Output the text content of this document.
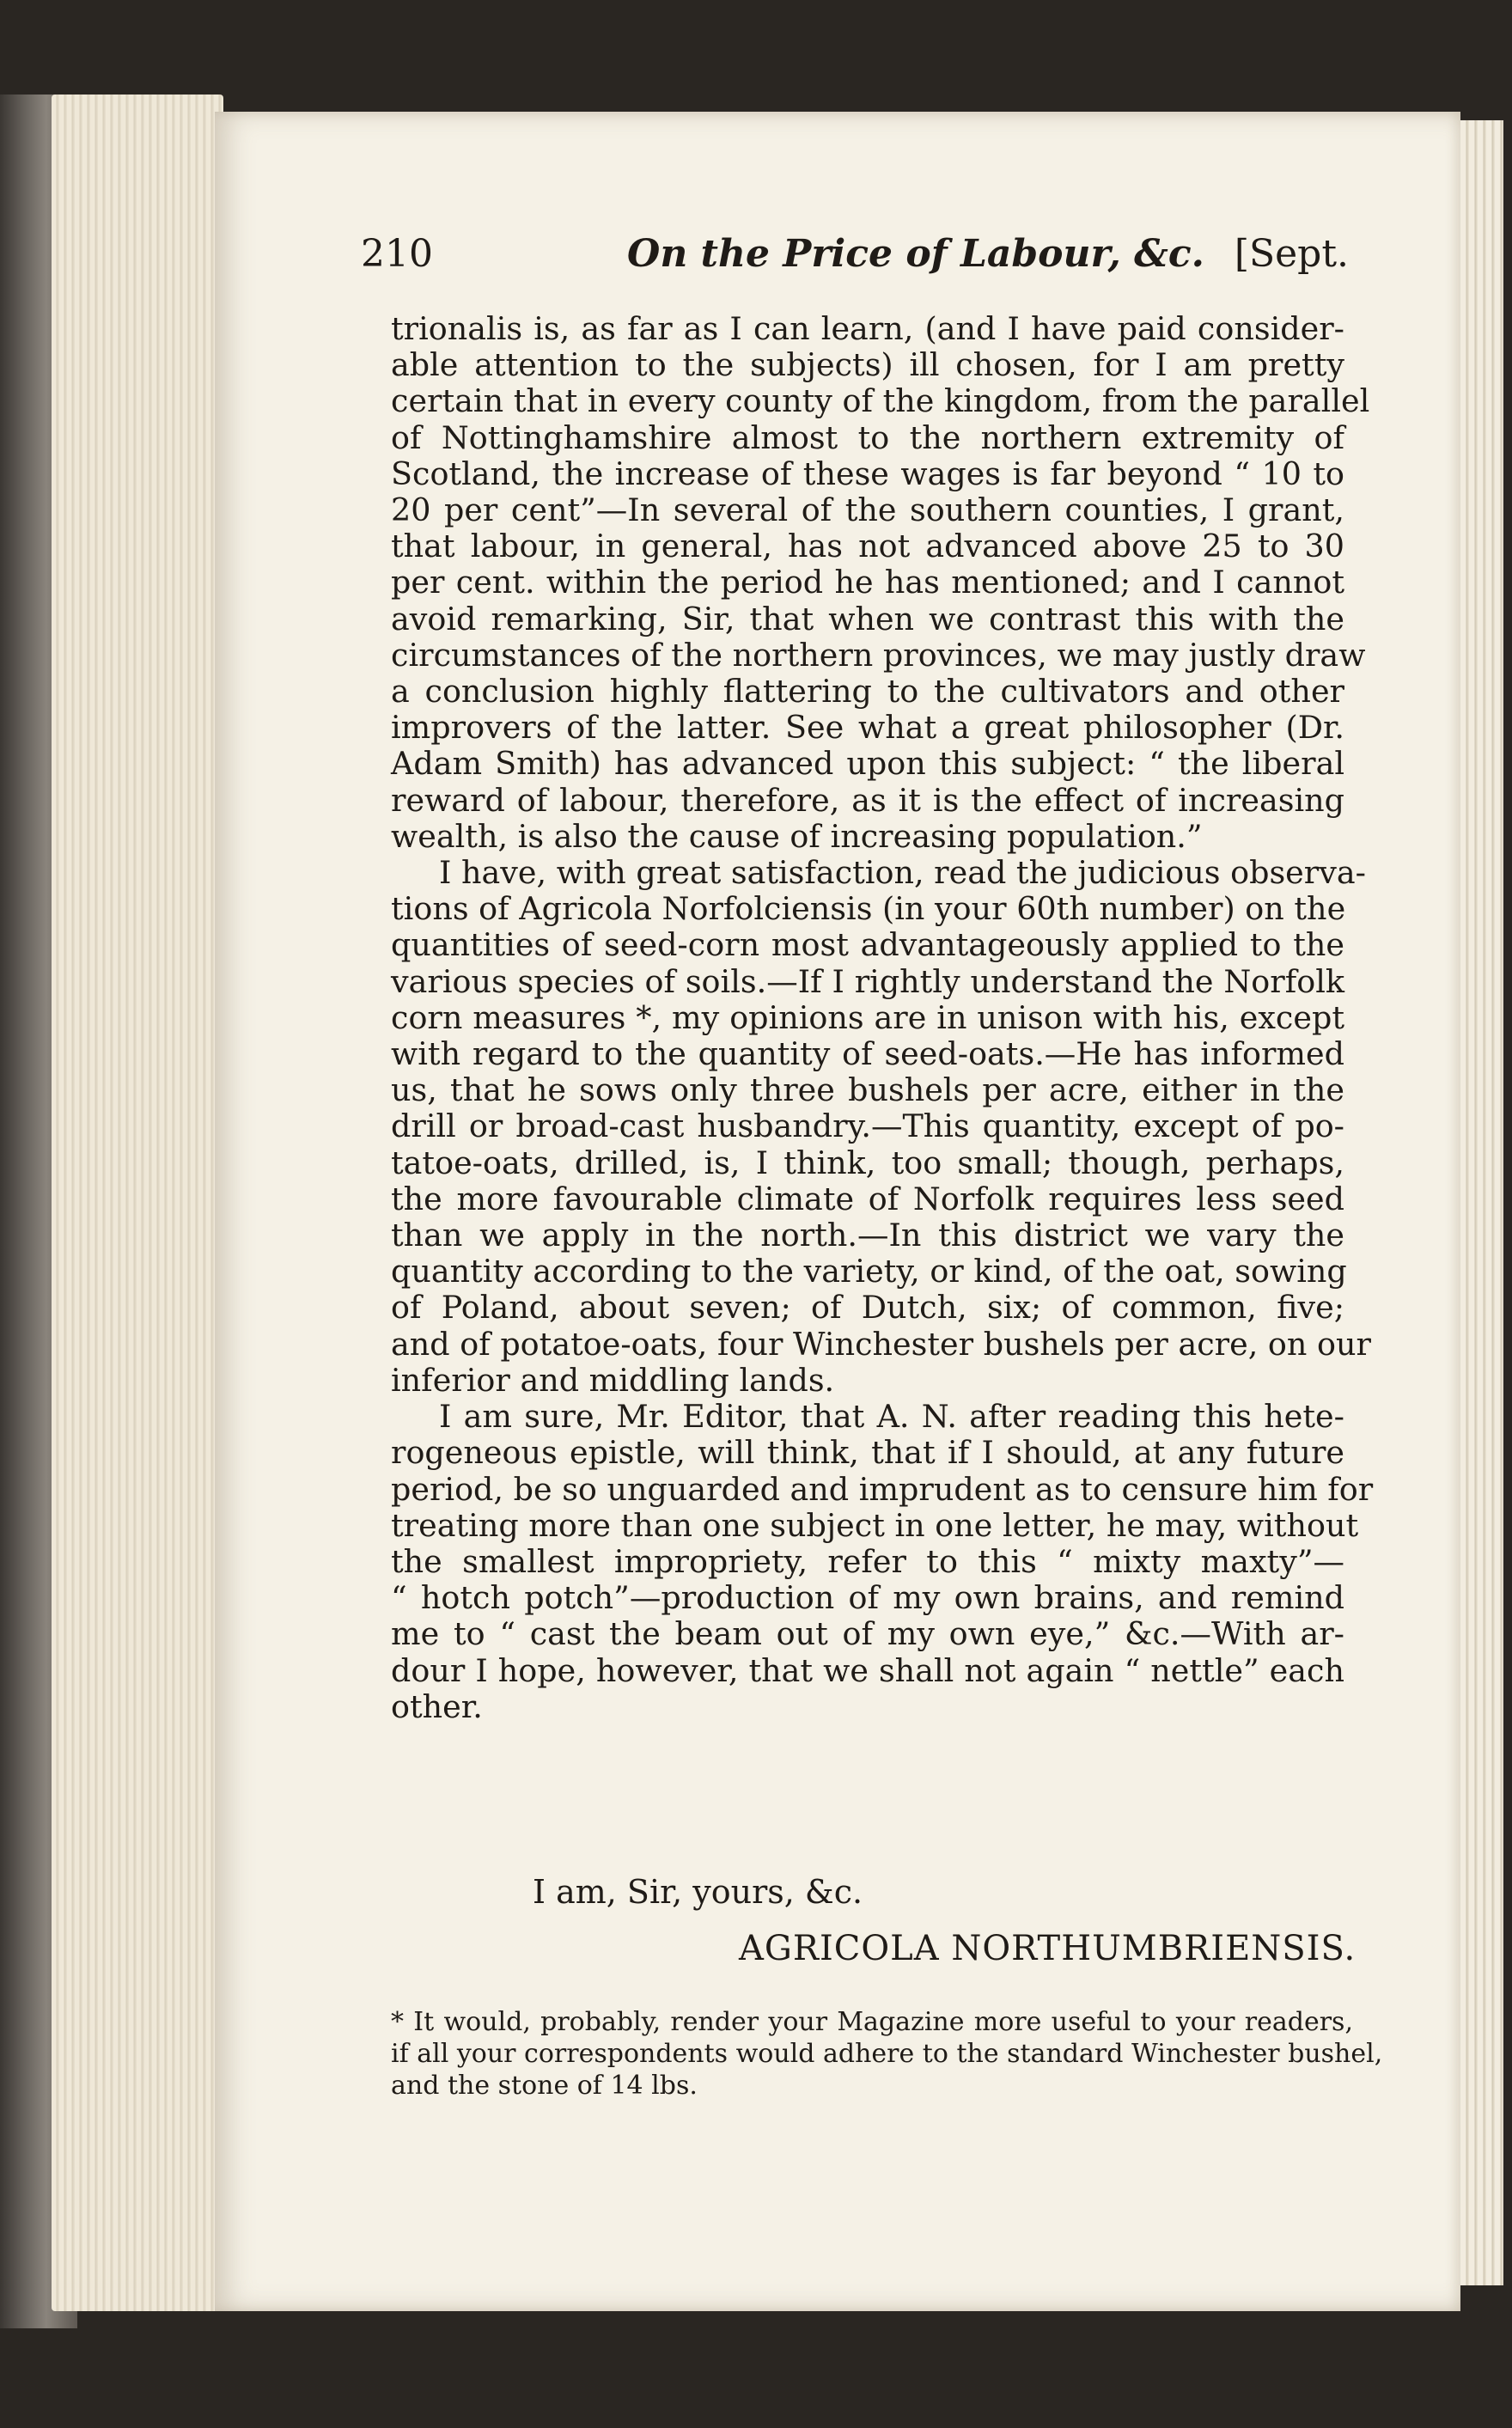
210	On the Price of Labour, &c. [Sept.
trionalis is, as far as I can learn, (and I have paid consider-
able attention to the subjects) ill chosen, for I am pretty
certain that in every county of the kingdom, from the parallel
of Nottinghamshire almost to the northern extremity of
Scotland, the increase of these wages is far beyond “ 10 to
20 per cent”—In several of the southern counties, I grant,
that labour, in general, has not advanced above 25 to 30
per cent. within the period he has mentioned; and I cannot
avoid remarking, Sir, that when we contrast this with the
circumstances of the northern provinces, we may justly draw
a conclusion highly flattering to the cultivators and other
improvers of the latter. See what a great philosopher (Dr.
Adam Smith) has advanced upon this subject: “ the liberal
reward of labour, therefore, as it is the effect of increasing
wealth, is also the cause of increasing population.”
I have, with great satisfaction, read the judicious observa-
tions of Agricola Norfolciensis (in your 60th number) on the
quantities of seed-corn most advantageously applied to the
various species of soils.—If I rightly understand the Norfolk
corn measures *, my opinions are in unison with his, except
with regard to the quantity of seed-oats.—He has informed
us, that he sows only three bushels per acre, either in the
drill or broad-cast husbandry.—This quantity, except of po-
tatoe-oats, drilled, is, I think, too small; though, perhaps,
the more favourable climate of Norfolk requires less seed
than we apply in the north.—In this district we vary the
quantity according to the variety, or kind, of the oat, sowing
of Poland, about seven; of Dutch, six; of common, five;
and of potatoe-oats, four Winchester bushels per acre, on our
inferior and middling lands.
I am sure, Mr. Editor, that A. N. after reading this hete-
rogeneous epistle, will think, that if I should, at any future
period, be so unguarded and imprudent as to censure him for
treating more than one subject in one letter, he may, without
the smallest impropriety, refer to this “ mixty maxty”—
“ hotch potch”—production of my own brains, and remind
me to “ cast the beam out of my own eye,” &c.—With ar-
dour I hope, however, that we shall not again “ nettle” each
other.
I am, Sir, yours, &c.
AGRICOLA NORTHUMBRIENSIS.
* It would, probably, render your Magazine more useful to your readers,
if all your correspondents would adhere to the standard Winchester bushel,
and the stone of 14 lbs.
